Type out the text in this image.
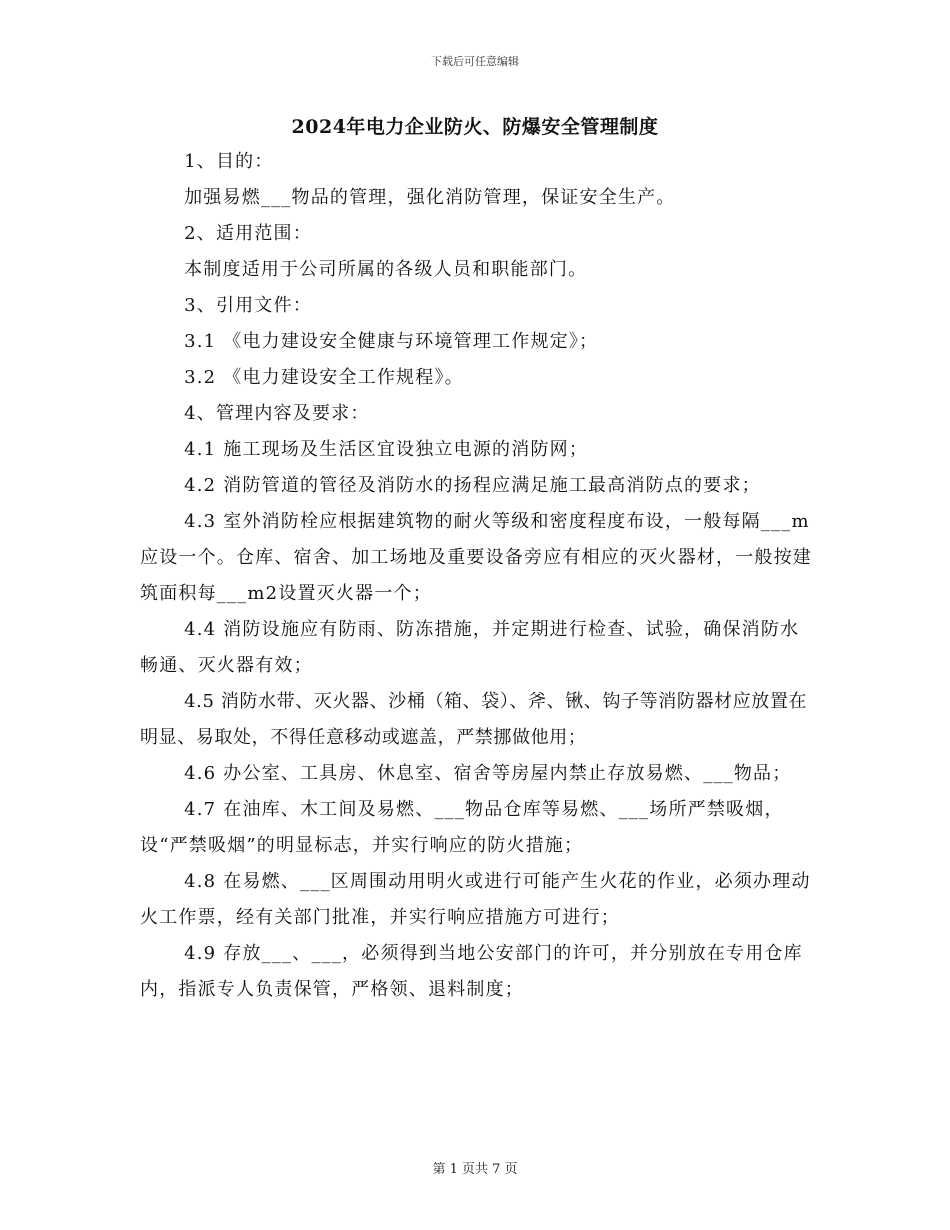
下载后可任意编辑
2024年电力企业防火、防爆安全管理制度

1、目的：

加强易燃___物品的管理，强化消防管理，保证安全生产。

2、适用范围：

本制度适用于公司所属的各级人员和职能部门。

3、引用文件：

3.1 《电力建设安全健康与环境管理工作规定》；

3.2 《电力建设安全工作规程》。

4、管理内容及要求：

4.1 施工现场及生活区宜设独立电源的消防网；

4.2 消防管道的管径及消防水的扬程应满足施工最高消防点的要求；

4.3 室外消防栓应根据建筑物的耐火等级和密度程度布设，一般每隔___m应设一个。仓库、宿舍、加工场地及重要设备旁应有相应的灭火器材，一般按建筑面积每___m2设置灭火器一个；

4.4 消防设施应有防雨、防冻措施，并定期进行检查、试验，确保消防水畅通、灭火器有效；

4.5 消防水带、灭火器、沙桶（箱、袋）、斧、锹、钩子等消防器材应放置在明显、易取处，不得任意移动或遮盖，严禁挪做他用；

4.6 办公室、工具房、休息室、宿舍等房屋内禁止存放易燃、___物品；

4.7 在油库、木工间及易燃、___物品仓库等易燃、___场所严禁吸烟，设“严禁吸烟”的明显标志，并实行响应的防火措施；

4.8 在易燃、___区周围动用明火或进行可能产生火花的作业，必须办理动火工作票，经有关部门批准，并实行响应措施方可进行；

4.9 存放___、___，必须得到当地公安部门的许可，并分别放在专用仓库内，指派专人负责保管，严格领、退料制度；

第 1 页共 7 页
